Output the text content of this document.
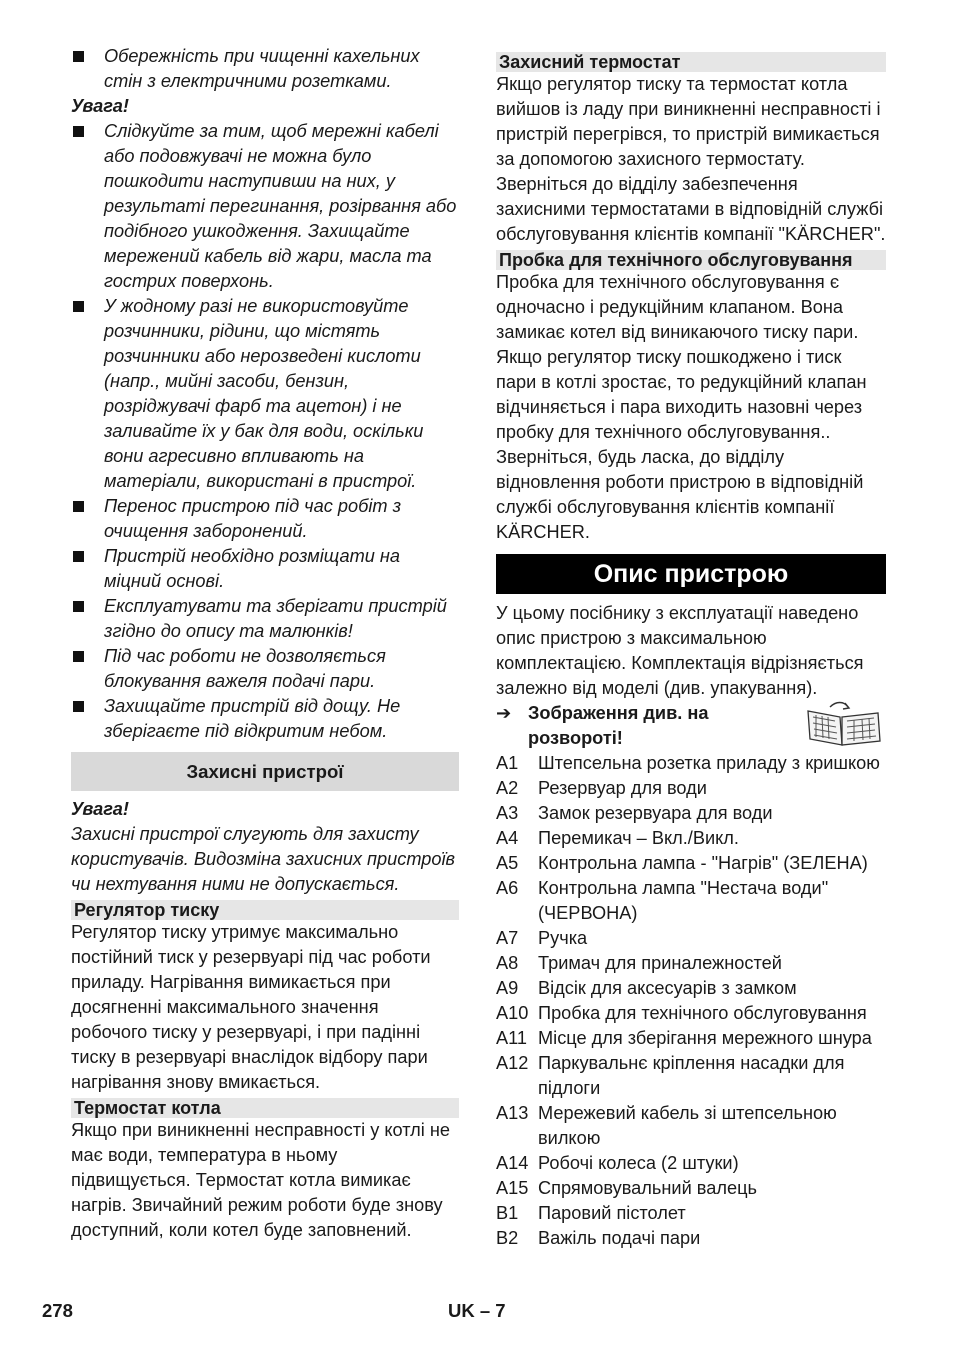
Обережність при чищенні кахельних стін з електричними розетками.
Увага!
Слідкуйте за тим, щоб мережні кабелі або подовжувачі не можна було пошкодити наступивши на них, у результаті перегинання, розірвання або подібного ушкодження. Захищайте мережений кабель від жари, масла та гострих поверхонь.
У жодному разі не використовуйте розчинники, рідини, що містять розчинники або нерозведені кислоти (напр., мийні засоби, бензин, розріджувачі фарб та ацетон) і не заливайте їх у бак для води, оскільки вони агресивно впливають на матеріали, використані в пристрої.
Перенос пристрою під час робіт з очищення заборонений.
Пристрій необхідно розміщати на міцний основі.
Експлуатувати та зберігати пристрій згідно до опису та малюнків!
Під час роботи не дозволяється блокування важеля подачі пари.
Захищайте пристрій від дощу. Не зберігаєте під відкритим небом.
Захисні пристрої
Увага!
Захисні пристрої слугують для захисту користувачів. Видозміна захисних пристроїв чи нехтування ними не допускається.
Регулятор тиску
Регулятор тиску утримує максимально постійний тиск у резервуарі під час роботи приладу. Нагрівання вимикається при досягненні максимального значення робочого тиску у резервуарі, і при падінні тиску в резервуарі внаслідок відбору пари нагрівання знову вмикається.
Термостат котла
Якщо при виникненні несправності у котлі не має води, температура в ньому підвищується. Термостат котла вимикає нагрів. Звичайний режим роботи буде знову доступний, коли котел буде заповнений.
Захисний термостат
Якщо регулятор тиску та термостат котла вийшов із ладу при виникненні несправності і пристрій перегрівся, то пристрій вимикається за допомогою захисного термостату. Зверніться до відділу забезпечення захисними термостатами в відповідній службі обслуговування клієнтів компанії "KÄRCHER".
Пробка для технічного обслуговування
Пробка для технічного обслуговування є одночасно і редукційним клапаном. Вона замикає котел від виникаючого тиску пари. Якщо регулятор тиску пошкоджено і тиск пари в котлі зростає, то редукційний клапан відчиняється і пара виходить назовні через пробку для технічного обслуговування.. Зверніться, будь ласка, до відділу відновлення роботи пристрою в відповідній службі обслуговування клієнтів компанії KÄRCHER.
Опис пристрою
У цьому посібнику з експлуатації наведено опис пристрою з максимальною комплектацією. Комплектація відрізняється залежно від моделі (див. упакування).
➔ Зображення див. на розвороті!
A1	Штепсельна розетка приладу з кришкою
A2	Резервуар для води
A3	Замок резервуара для води
A4	Перемикач – Вкл./Викл.
A5	Контрольна лампа - "Нагрів" (ЗЕЛЕНА)
A6	Контрольна лампа "Нестача води" (ЧЕРВОНА)
A7	Ручка
A8	Тримач для приналежностей
A9	Відсік для аксесуарів з замком
A10 Пробка для технічного обслуговування
A11 Місце для зберігання мережного шнура
A12 Паркувальнє кріплення насадки для підлоги
A13 Мережевий кабель зі штепсельною вилкою
A14 Робочі колеса (2 штуки)
A15 Спрямовувальний валець
B1	Паровий пістолет
B2	Важіль подачі пари
278	UK – 7
